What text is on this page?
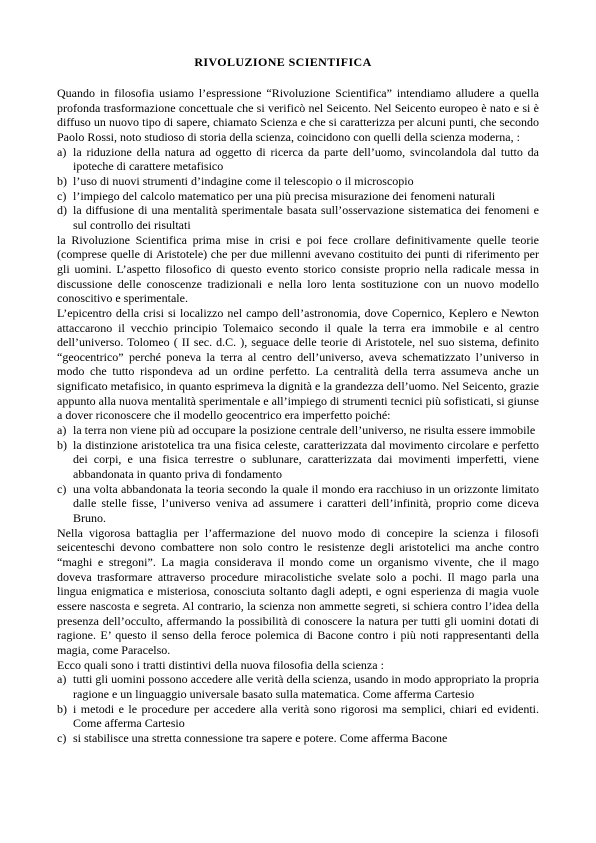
RIVOLUZIONE SCIENTIFICA

Quando in filosofia usiamo l’espressione “Rivoluzione Scientifica” intendiamo alludere a quella profonda trasformazione concettuale che si verificò nel Seicento. Nel Seicento europeo è nato e si è diffuso un nuovo tipo di sapere, chiamato Scienza e che si caratterizza per alcuni punti, che secondo Paolo Rossi, noto studioso di storia della scienza, coincidono con quelli della scienza moderna, :

a) la riduzione della natura ad oggetto di ricerca da parte dell’uomo, svincolandola dal tutto da ipoteche di carattere metafisico
b) l’uso di nuovi strumenti d’indagine come il telescopio o il microscopio
c) l’impiego del calcolo matematico per una più precisa misurazione dei fenomeni naturali
d) la diffusione di una mentalità sperimentale basata sull’osservazione sistematica dei fenomeni e sul controllo dei risultati

la Rivoluzione Scientifica prima mise in crisi e poi fece crollare definitivamente quelle teorie (comprese quelle di Aristotele) che per due millenni avevano costituito dei punti di riferimento per gli uomini. L’aspetto filosofico di questo evento storico consiste proprio nella radicale messa in discussione delle conoscenze tradizionali e nella loro lenta sostituzione con un nuovo modello conoscitivo e sperimentale.

L’epicentro della crisi si localizzo nel campo dell’astronomia, dove Copernico, Keplero e Newton attaccarono il vecchio principio Tolemaico secondo il quale la terra era immobile e al centro dell’universo. Tolomeo ( II sec. d.C. ), seguace delle teorie di Aristotele, nel suo sistema, definito “geocentrico” perché poneva la terra al centro dell’universo, aveva schematizzato l’universo in modo che tutto rispondeva ad un ordine perfetto. La centralità della terra assumeva anche un significato metafisico, in quanto esprimeva la dignità e la grandezza dell’uomo. Nel Seicento, grazie appunto alla nuova mentalità sperimentale e all’impiego di strumenti tecnici più sofisticati, si giunse a dover riconoscere che il modello geocentrico era imperfetto poiché:

a) la terra non viene più ad occupare la posizione centrale dell’universo, ne risulta essere immobile
b) la distinzione aristotelica tra una fisica celeste, caratterizzata dal movimento circolare e perfetto dei corpi, e una fisica terrestre o sublunare, caratterizzata dai movimenti imperfetti, viene abbandonata in quanto priva di fondamento
c) una volta abbandonata la teoria secondo la quale il mondo era racchiuso in un orizzonte limitato dalle stelle fisse, l’universo veniva ad assumere i caratteri dell’infinità, proprio come diceva Bruno.

Nella vigorosa battaglia per l’affermazione del nuovo modo di concepire la scienza i filosofi seicenteschi devono combattere non solo contro le resistenze degli aristotelici ma anche contro “maghi e stregoni”. La magia considerava il mondo come un organismo vivente, che il mago doveva trasformare attraverso procedure miracolistiche svelate solo a pochi. Il mago parla una lingua enigmatica e misteriosa, conosciuta soltanto dagli adepti, e ogni esperienza di magia vuole essere nascosta e segreta. Al contrario, la scienza non ammette segreti, si schiera contro l’idea della presenza dell’occulto, affermando la possibilità di conoscere la natura per tutti gli uomini dotati di ragione. E’ questo il senso della feroce polemica di Bacone contro i più noti rappresentanti della magia, come Paracelso.

Ecco quali sono i tratti distintivi della nuova filosofia della scienza :

a) tutti gli uomini possono accedere alle verità della scienza, usando in modo appropriato la propria ragione e un linguaggio universale basato sulla matematica. Come afferma Cartesio
b) i metodi e le procedure per accedere alla verità sono rigorosi ma semplici, chiari ed evidenti. Come afferma Cartesio
c) si stabilisce una stretta connessione tra sapere e potere. Come afferma Bacone
